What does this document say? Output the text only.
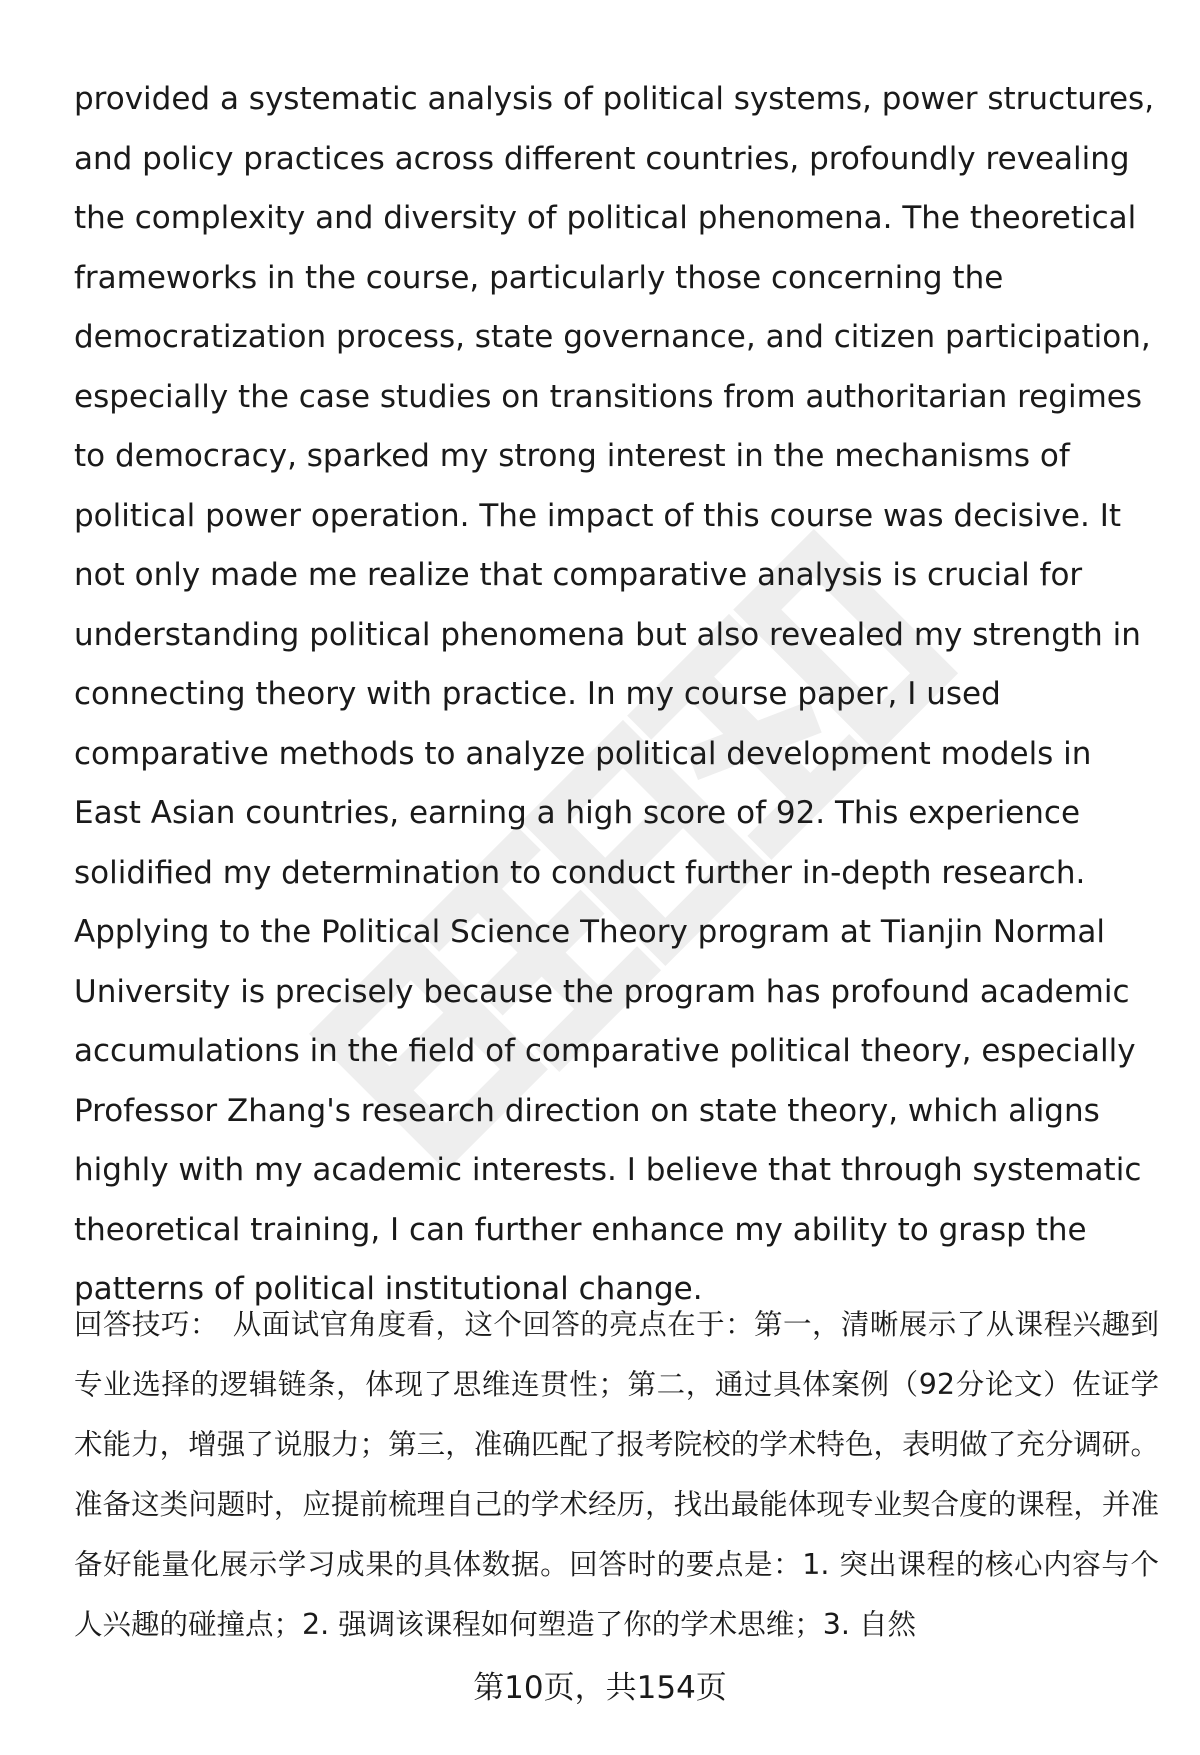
provided a systematic analysis of political systems, power structures, and policy practices across different countries, profoundly revealing the complexity and diversity of political phenomena. The theoretical frameworks in the course, particularly those concerning the democratization process, state governance, and citizen participation, especially the case studies on transitions from authoritarian regimes to democracy, sparked my strong interest in the mechanisms of political power operation. The impact of this course was decisive. It not only made me realize that comparative analysis is crucial for understanding political phenomena but also revealed my strength in connecting theory with practice. In my course paper, I used comparative methods to analyze political development models in East Asian countries, earning a high score of 92. This experience solidified my determination to conduct further in-depth research. Applying to the Political Science Theory program at Tianjin Normal University is precisely because the program has profound academic accumulations in the field of comparative political theory, especially Professor Zhang's research direction on state theory, which aligns highly with my academic interests. I believe that through systematic theoretical training, I can further enhance my ability to grasp the patterns of political institutional change.

回答技巧： 从面试官角度看，这个回答的亮点在于：第一，清晰展示了从课程兴趣到专业选择的逻辑链条，体现了思维连贯性；第二，通过具体案例（92分论文）佐证学术能力，增强了说服力；第三，准确匹配了报考院校的学术特色，表明做了充分调研。准备这类问题时，应提前梳理自己的学术经历，找出最能体现专业契合度的课程，并准备好能量化展示学习成果的具体数据。回答时的要点是：1. 突出课程的核心内容与个人兴趣的碰撞点；2. 强调该课程如何塑造了你的学术思维；3. 自然

第10页，共154页
